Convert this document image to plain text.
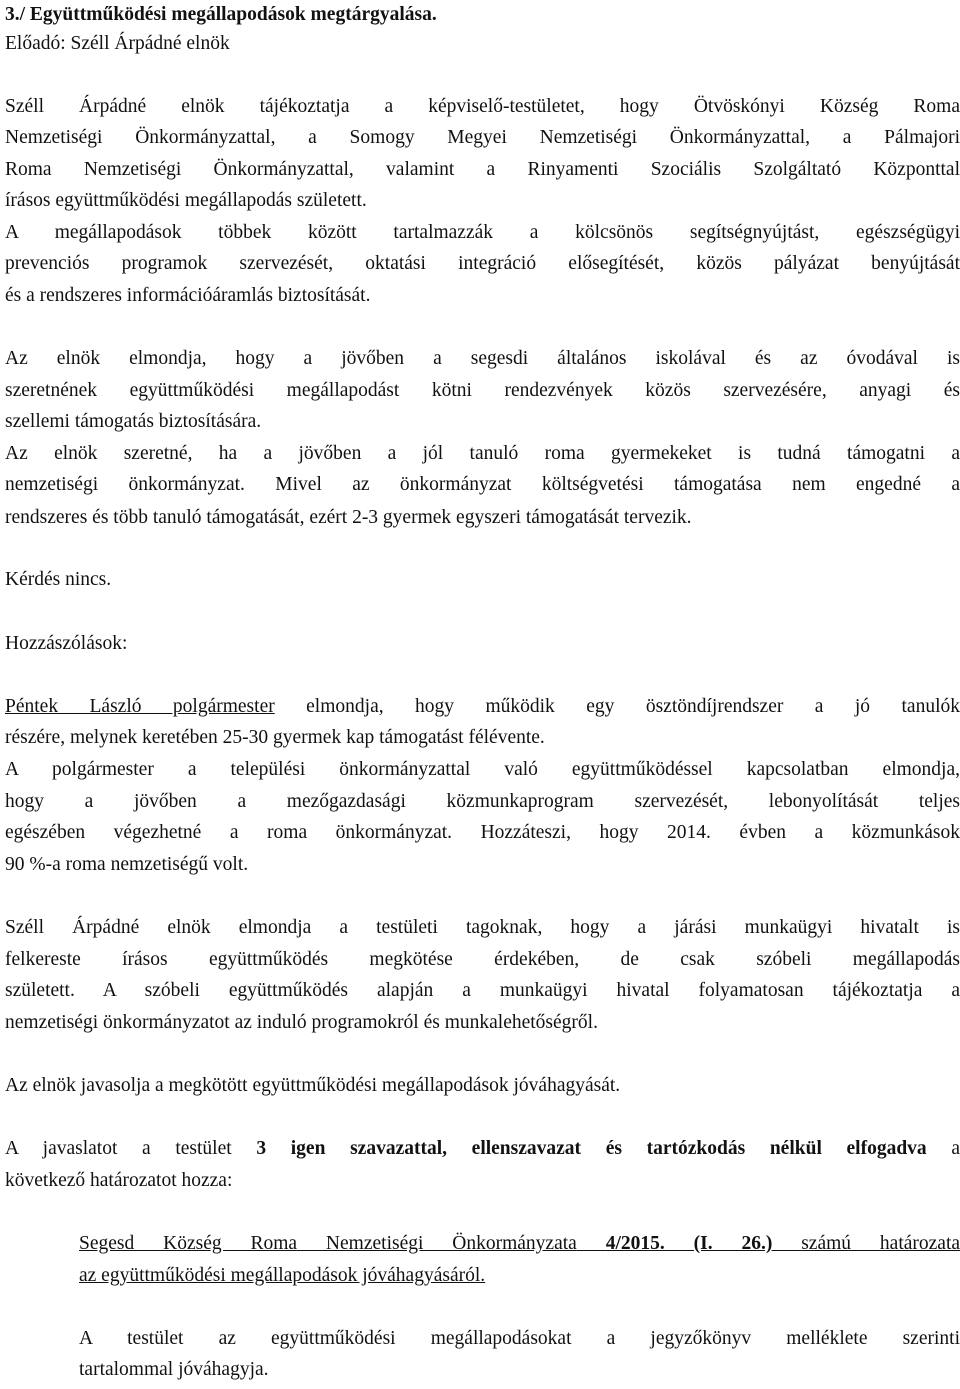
3./ Együttműködési megállapodások megtárgyalása.
Előadó: Széll Árpádné elnök
Széll Árpádné elnök tájékoztatja a képviselő-testületet, hogy Ötvöskónyi Község Roma
Nemzetiségi Önkormányzattal, a Somogy Megyei Nemzetiségi Önkormányzattal, a Pálmajori
Roma Nemzetiségi Önkormányzattal, valamint a Rinyamenti Szociális Szolgáltató Központtal
írásos együttműködési megállapodás született.
A megállapodások többek között tartalmazzák a kölcsönös segítségnyújtást, egészségügyi
prevenciós programok szervezését, oktatási integráció elősegítését, közös pályázat benyújtását
és a rendszeres információáramlás biztosítását.
Az elnök elmondja, hogy a jövőben a segesdi általános iskolával és az óvodával is
szeretnének együttműködési megállapodást kötni rendezvények közös szervezésére, anyagi és
szellemi támogatás biztosítására.
Az elnök szeretné, ha a jövőben a jól tanuló roma gyermekeket is tudná támogatni a
nemzetiségi önkormányzat. Mivel az önkormányzat költségvetési támogatása nem engedné a
rendszeres és több tanuló támogatását, ezért 2-3 gyermek egyszeri támogatását tervezik.
Kérdés nincs.
Hozzászólások:
Péntek László polgármester elmondja, hogy működik egy ösztöndíjrendszer a jó tanulók
részére, melynek keretében 25-30 gyermek kap támogatást félévente.
A polgármester a települési önkormányzattal való együttműködéssel kapcsolatban elmondja,
hogy a jövőben a mezőgazdasági közmunkaprogram szervezését, lebonyolítását teljes
egészében végezhetné a roma önkormányzat. Hozzáteszi, hogy 2014. évben a közmunkások
90 %-a roma nemzetiségű volt.
Széll Árpádné elnök elmondja a testületi tagoknak, hogy a járási munkaügyi hivatalt is
felkereste írásos együttműködés megkötése érdekében, de csak szóbeli megállapodás
született. A szóbeli együttműködés alapján a munkaügyi hivatal folyamatosan tájékoztatja a
nemzetiségi önkormányzatot az induló programokról és munkalehetőségről.
Az elnök javasolja a megkötött együttműködési megállapodások jóváhagyását.
A javaslatot a testület 3 igen szavazattal, ellenszavazat és tartózkodás nélkül elfogadva a
következő határozatot hozza:
Segesd Község Roma Nemzetiségi Önkormányzata 4/2015. (I. 26.) számú határozata
az együttműködési megállapodások jóváhagyásáról.
A testület az együttműködési megállapodásokat a jegyzőkönyv melléklete szerinti
tartalommal jóváhagyja.
